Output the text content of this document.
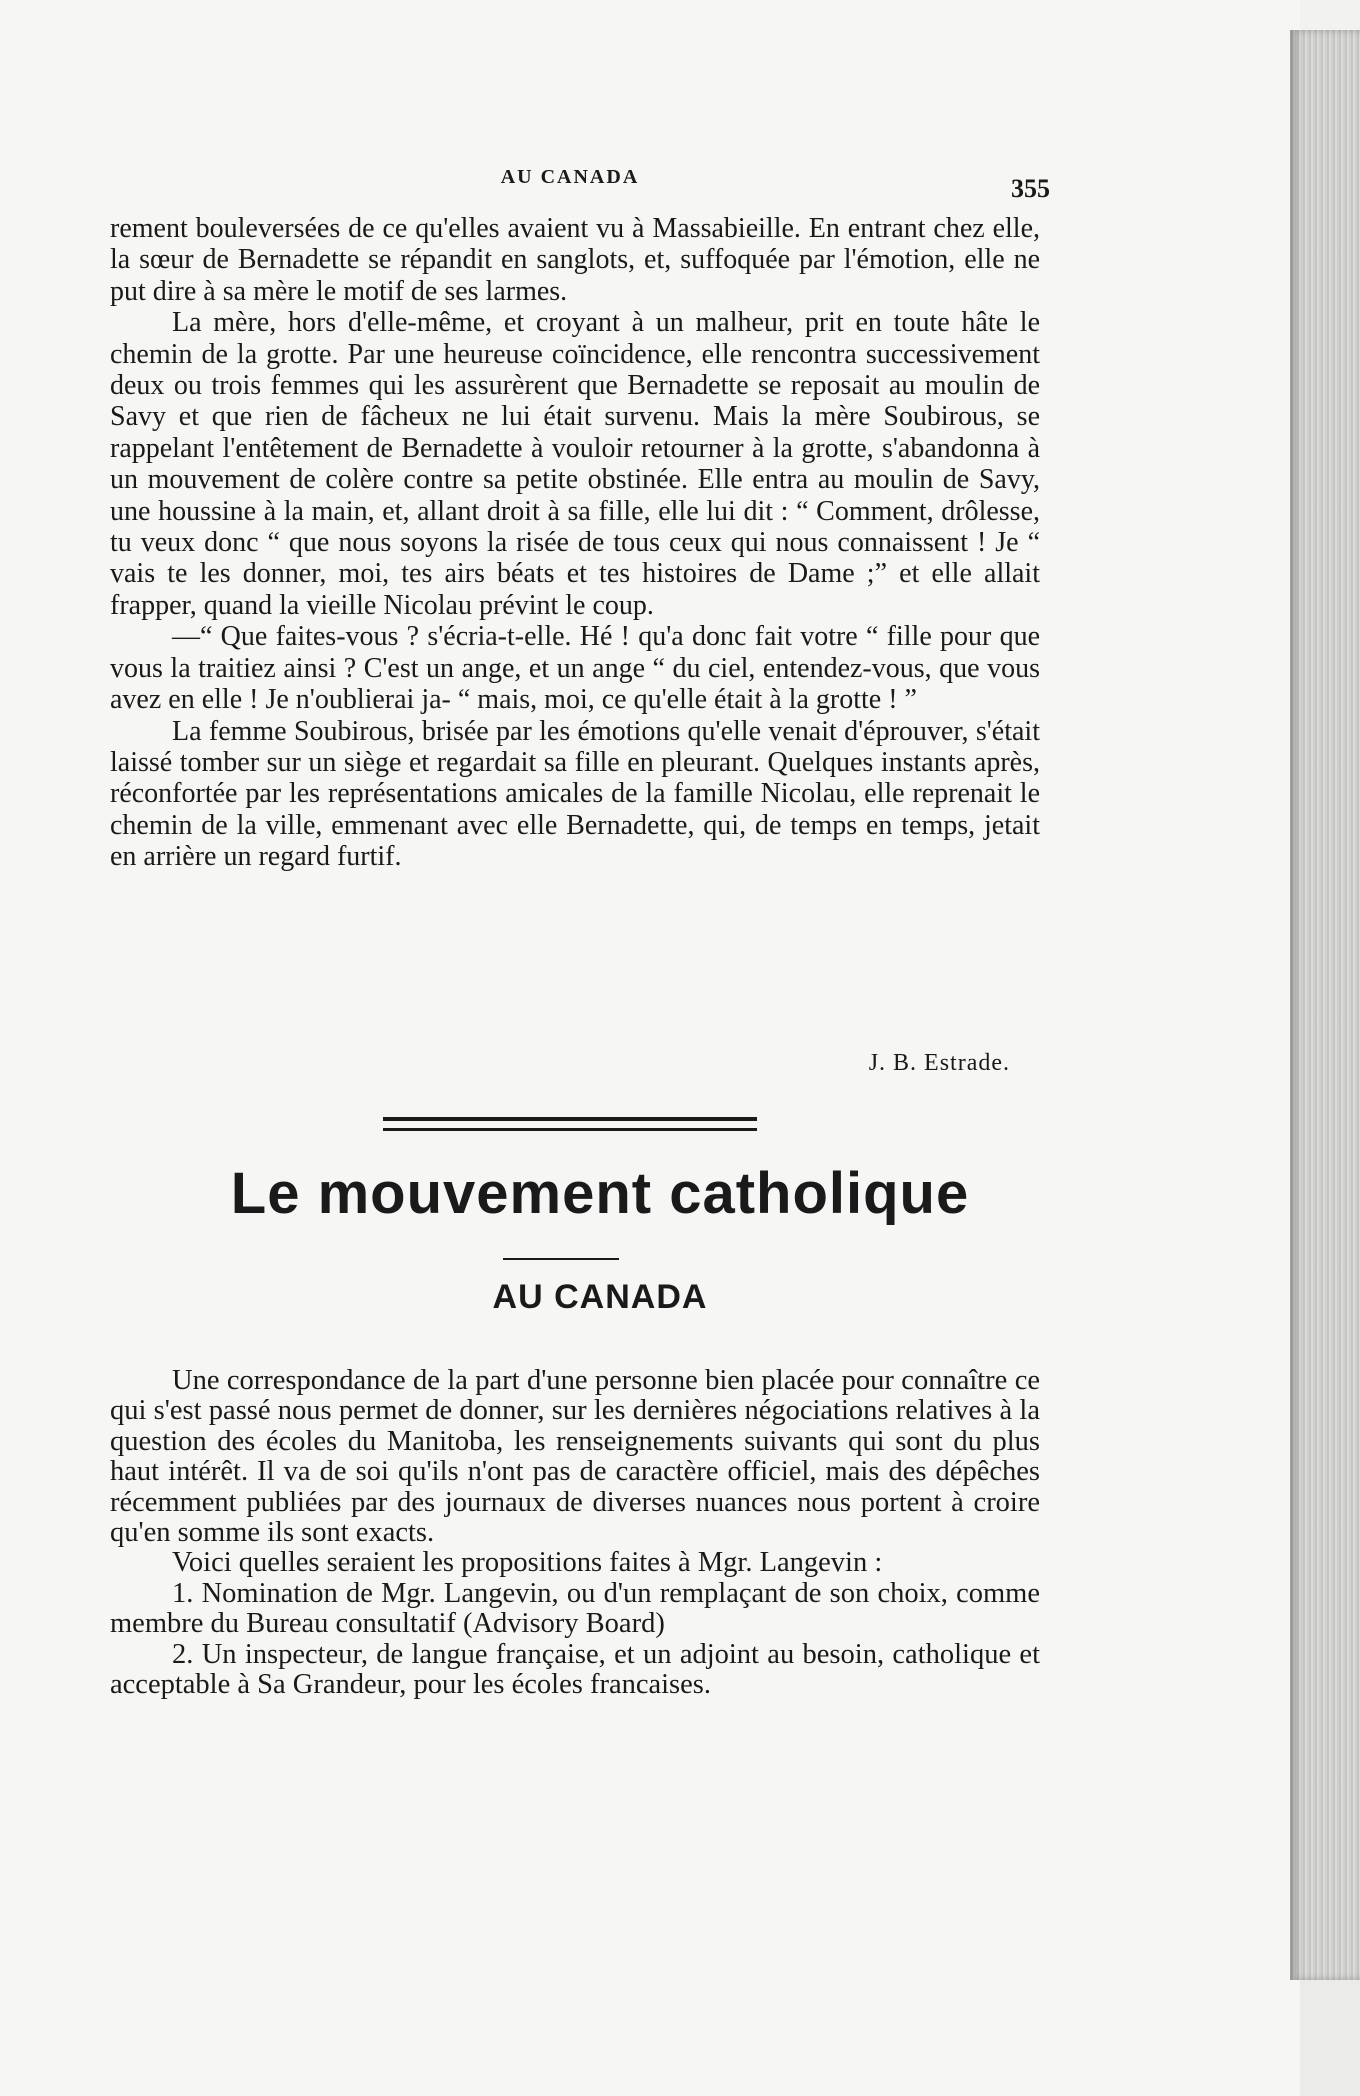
AU CANADA	355

rement bouleversées de ce qu'elles avaient vu à Massabieille. En entrant chez elle, la sœur de Bernadette se répandit en sanglots, et, suffoquée par l'émotion, elle ne put dire à sa mère le motif de ses larmes.

La mère, hors d'elle-même, et croyant à un malheur, prit en toute hâte le chemin de la grotte. Par une heureuse coïncidence, elle rencontra successivement deux ou trois femmes qui les assurèrent que Bernadette se reposait au moulin de Savy et que rien de fâcheux ne lui était survenu. Mais la mère Soubirous, se rappelant l'entêtement de Bernadette à vouloir retourner à la grotte, s'abandonna à un mouvement de colère contre sa petite obstinée. Elle entra au moulin de Savy, une houssine à la main, et, allant droit à sa fille, elle lui dit : “ Comment, drôlesse, tu veux donc “ que nous soyons la risée de tous ceux qui nous connaissent ! Je “ vais te les donner, moi, tes airs béats et tes histoires de Dame ;” et elle allait frapper, quand la vieille Nicolau prévint le coup.

—“ Que faites-vous ? s'écria-t-elle. Hé ! qu'a donc fait votre “ fille pour que vous la traitiez ainsi ? C'est un ange, et un ange “ du ciel, entendez-vous, que vous avez en elle ! Je n'oublierai ja- “ mais, moi, ce qu'elle était à la grotte ! ”

La femme Soubirous, brisée par les émotions qu'elle venait d'éprouver, s'était laissé tomber sur un siège et regardait sa fille en pleurant. Quelques instants après, réconfortée par les représentations amicales de la famille Nicolau, elle reprenait le chemin de la ville, emmenant avec elle Bernadette, qui, de temps en temps, jetait en arrière un regard furtif.

J. B. Estrade.
Le mouvement catholique
AU CANADA

Une correspondance de la part d'une personne bien placée pour connaître ce qui s'est passé nous permet de donner, sur les dernières négociations relatives à la question des écoles du Manitoba, les renseignements suivants qui sont du plus haut intérêt. Il va de soi qu'ils n'ont pas de caractère officiel, mais des dépêches récemment publiées par des journaux de diverses nuances nous portent à croire qu'en somme ils sont exacts.

Voici quelles seraient les propositions faites à Mgr. Langevin :

1. Nomination de Mgr. Langevin, ou d'un remplaçant de son choix, comme membre du Bureau consultatif (Advisory Board)

2. Un inspecteur, de langue française, et un adjoint au besoin, catholique et acceptable à Sa Grandeur, pour les écoles francaises.
